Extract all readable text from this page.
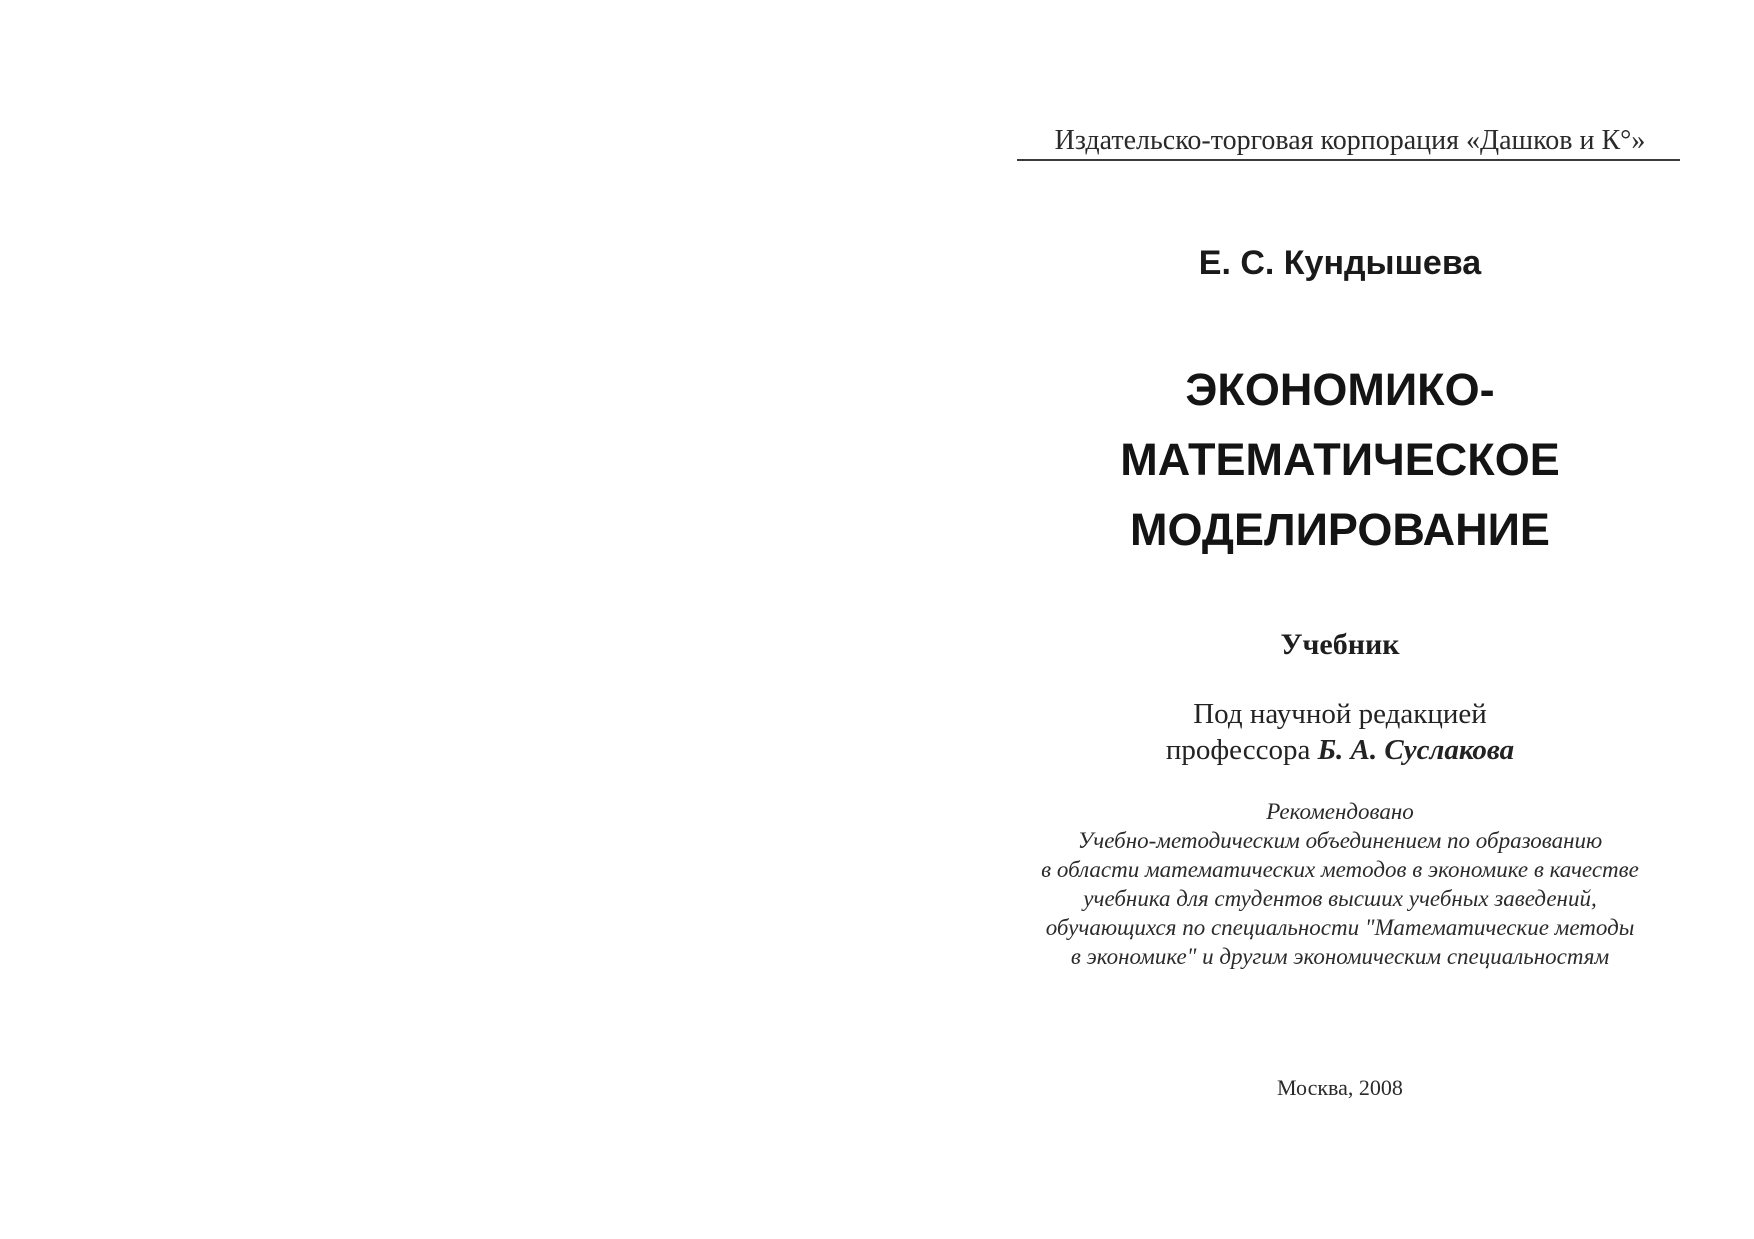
Издательско-торговая корпорация «Дашков и К°»
Е. С. Кундышева
ЭКОНОМИКО-
МАТЕМАТИЧЕСКОЕ
МОДЕЛИРОВАНИЕ
Учебник
Под научной редакцией
профессора Б. А. Суслакова
Рекомендовано
Учебно-методическим объединением по образованию
в области математических методов в экономике в качестве
учебника для студентов высших учебных заведений,
обучающихся по специальности "Математические методы
в экономике" и другим экономическим специальностям
Москва, 2008
